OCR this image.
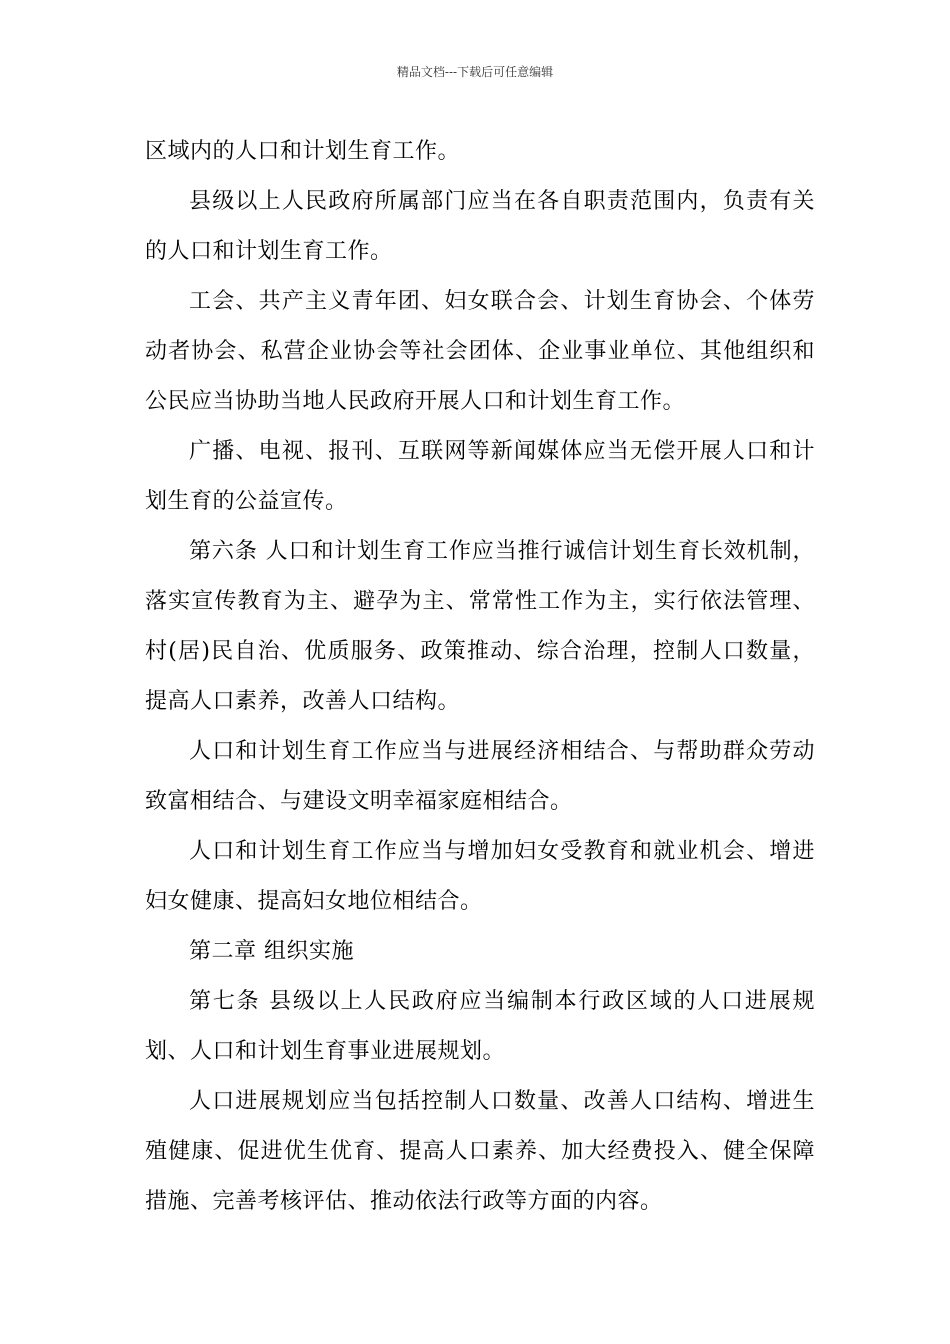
精品文档---下载后可任意编辑

区域内的人口和计划生育工作。

县级以上人民政府所属部门应当在各自职责范围内，负责有关的人口和计划生育工作。

工会、共产主义青年团、妇女联合会、计划生育协会、个体劳动者协会、私营企业协会等社会团体、企业事业单位、其他组织和公民应当协助当地人民政府开展人口和计划生育工作。

广播、电视、报刊、互联网等新闻媒体应当无偿开展人口和计划生育的公益宣传。

第六条 人口和计划生育工作应当推行诚信计划生育长效机制，落实宣传教育为主、避孕为主、常常性工作为主，实行依法管理、村(居)民自治、优质服务、政策推动、综合治理，控制人口数量，提高人口素养，改善人口结构。

人口和计划生育工作应当与进展经济相结合、与帮助群众劳动致富相结合、与建设文明幸福家庭相结合。

人口和计划生育工作应当与增加妇女受教育和就业机会、增进妇女健康、提高妇女地位相结合。

第二章 组织实施

第七条 县级以上人民政府应当编制本行政区域的人口进展规划、人口和计划生育事业进展规划。

人口进展规划应当包括控制人口数量、改善人口结构、增进生殖健康、促进优生优育、提高人口素养、加大经费投入、健全保障措施、完善考核评估、推动依法行政等方面的内容。
